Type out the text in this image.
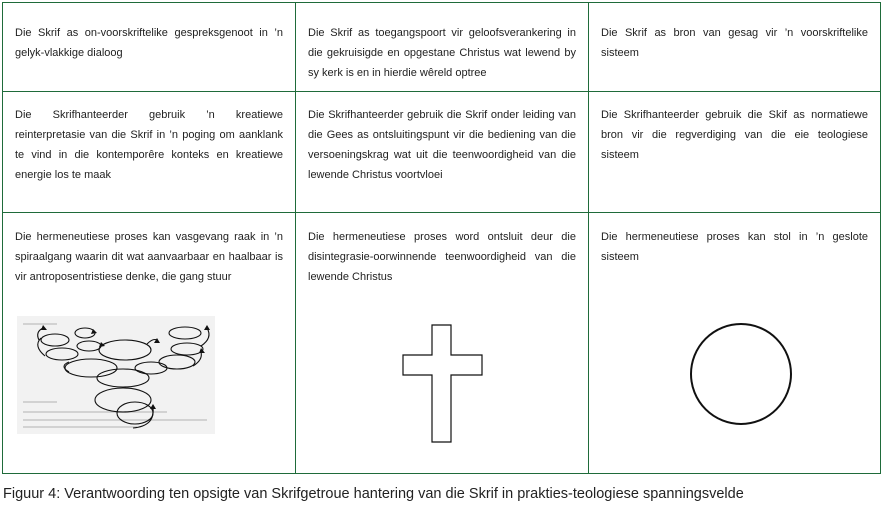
Die Skrif as on-voorskriftelike gespreksgenoot in ’n gelyk-vlakkige dialoog
Die Skrif as toegangspoort vir geloofsverankering in die gekruisigde en opgestane Christus wat lewend by sy kerk is en in hierdie wêreld optree
Die Skrif as bron van gesag vir ’n voorskriftelike sisteem
Die Skrifhanteerder gebruik ’n kreatiewe reinterpretasie van die Skrif in ’n poging om aanklank te vind in die kontemporêre konteks en kreatiewe energie los te maak
Die Skrifhanteerder gebruik die Skrif onder leiding van die Gees as ontsluitingspunt vir die bediening van die versoeningskrag wat uit die teenwoordigheid van die lewende Christus voortvloei
Die Skrifhanteerder gebruik die Skif as normatiewe bron vir die regverdiging van die eie teologiese sisteem
Die hermeneutiese proses kan vasgevang raak in ’n spiraalgang waarin dit wat aanvaarbaar en haalbaar is vir antroposentristiese denke, die gang stuur
Die hermeneutiese proses word ontsluit deur die disintegrasie-oorwinnende teenwoordigheid van die lewende Christus
Die hermeneutiese proses kan stol in ’n geslote sisteem
Figuur 4: Verantwoording ten opsigte van Skrifgetroue hantering van die Skrif in prakties-teologiese spanningsvelde
